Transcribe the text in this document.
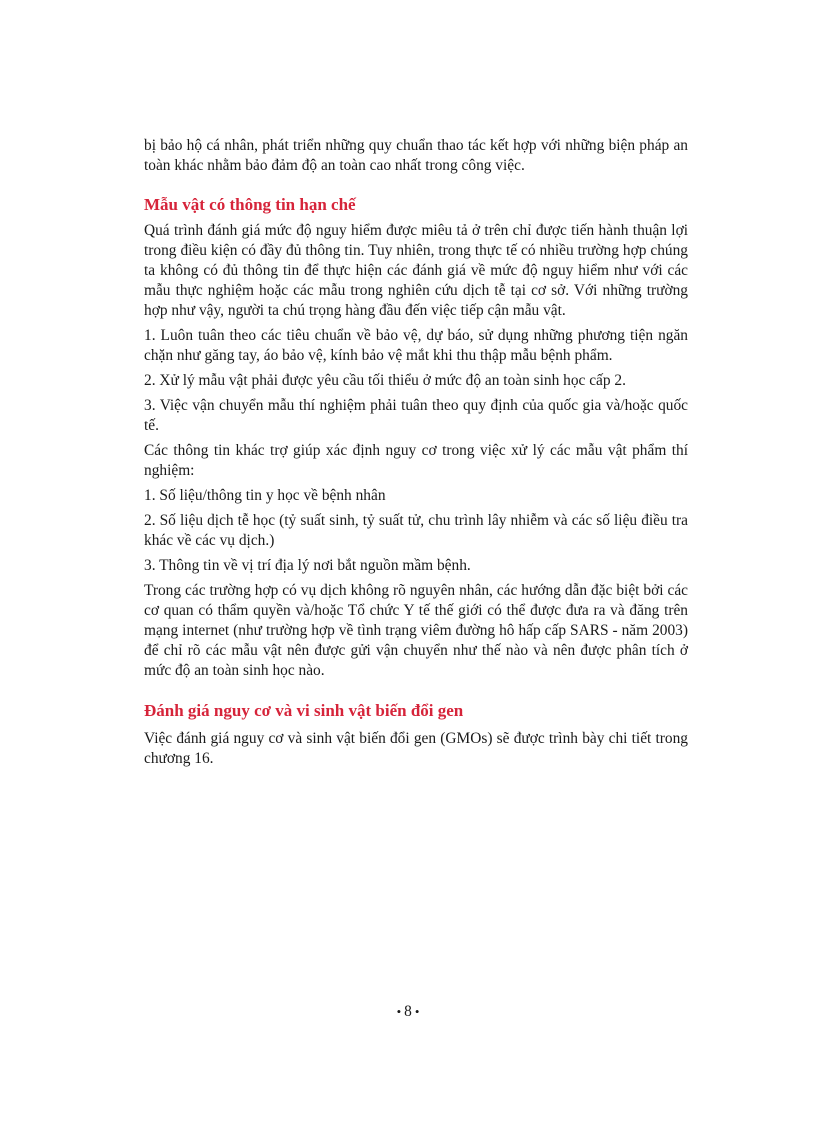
bị bảo hộ cá nhân, phát triển những quy chuẩn thao tác kết hợp với những biện pháp an toàn khác nhằm bảo đảm độ an toàn cao nhất trong công việc.

Mẫu vật có thông tin hạn chế

Quá trình đánh giá mức độ nguy hiểm được miêu tả ở trên chỉ được tiến hành thuận lợi trong điều kiện có đầy đủ thông tin. Tuy nhiên, trong thực tế có nhiều trường hợp chúng ta không có đủ thông tin để thực hiện các đánh giá về mức độ nguy hiểm như với các mẫu thực nghiệm hoặc các mẫu trong nghiên cứu dịch tễ tại cơ sở. Với những trường hợp như vậy, người ta chú trọng hàng đầu đến việc tiếp cận mẫu vật.

1. Luôn tuân theo các tiêu chuẩn về bảo vệ, dự báo, sử dụng những phương tiện ngăn chặn như găng tay, áo bảo vệ, kính bảo vệ mắt khi thu thập mẫu bệnh phẩm.

2. Xử lý mẫu vật phải được yêu cầu tối thiểu ở mức độ an toàn sinh học cấp 2.

3. Việc vận chuyển mẫu thí nghiệm phải tuân theo quy định của quốc gia và/hoặc quốc tế.

Các thông tin khác trợ giúp xác định nguy cơ trong việc xử lý các mẫu vật phẩm thí nghiệm:

1. Số liệu/thông tin y học về bệnh nhân

2. Số liệu dịch tễ học (tỷ suất sinh, tỷ suất tử, chu trình lây nhiễm và các số liệu điều tra khác về các vụ dịch.)

3. Thông tin về vị trí địa lý nơi bắt nguồn mầm bệnh.

Trong các trường hợp có vụ dịch không rõ nguyên nhân, các hướng dẫn đặc biệt bởi các cơ quan có thẩm quyền và/hoặc Tổ chức Y tế thế giới có thể được đưa ra và đăng trên mạng internet (như trường hợp về tình trạng viêm đường hô hấp cấp SARS - năm 2003) để chỉ rõ các mẫu vật nên được gửi vận chuyển như thế nào và nên được phân tích ở mức độ an toàn sinh học nào.

Đánh giá nguy cơ và vi sinh vật biến đổi gen

Việc đánh giá nguy cơ và sinh vật biến đổi gen (GMOs) sẽ được trình bày chi tiết trong chương 16.

• 8 •
